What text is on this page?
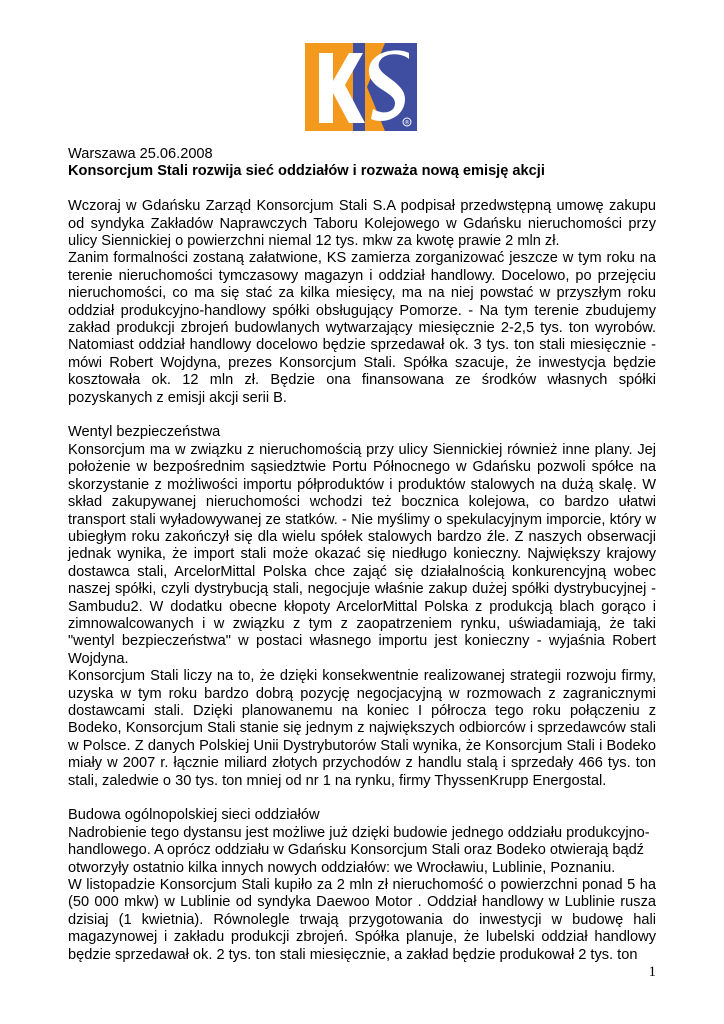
®

Warszawa 25.06.2008

Konsorcjum Stali rozwija sieć oddziałów i rozważa nową emisję akcji

Wczoraj w Gdańsku Zarząd Konsorcjum Stali S.A podpisał przedwstępną umowę zakupu od syndyka Zakładów Naprawczych Taboru Kolejowego w Gdańsku nieruchomości przy ulicy Siennickiej o powierzchni niemal 12 tys. mkw za kwotę prawie 2 mln zł.

Zanim formalności zostaną załatwione, KS zamierza zorganizować jeszcze w tym roku na terenie nieruchomości tymczasowy magazyn i oddział handlowy. Docelowo, po przejęciu nieruchomości, co ma się stać za kilka miesięcy, ma na niej powstać w przyszłym roku oddział produkcyjno-handlowy spółki obsługujący Pomorze. - Na tym terenie zbudujemy zakład produkcji zbrojeń budowlanych wytwarzający miesięcznie 2-2,5 tys. ton wyrobów. Natomiast oddział handlowy docelowo będzie sprzedawał ok. 3 tys. ton stali miesięcznie - mówi Robert Wojdyna, prezes Konsorcjum Stali. Spółka szacuje, że inwestycja będzie kosztowała ok. 12 mln zł. Będzie ona finansowana ze środków własnych spółki pozyskanych z emisji akcji serii B.

Wentyl bezpieczeństwa

Konsorcjum ma w związku z nieruchomością przy ulicy Siennickiej również inne plany. Jej położenie w bezpośrednim sąsiedztwie Portu Północnego w Gdańsku pozwoli spółce na skorzystanie z możliwości importu półproduktów i produktów stalowych na dużą skalę. W skład zakupywanej nieruchomości wchodzi też bocznica kolejowa, co bardzo ułatwi transport stali wyładowywanej ze statków. - Nie myślimy o spekulacyjnym imporcie, który w ubiegłym roku zakończył się dla wielu spółek stalowych bardzo źle. Z naszych obserwacji jednak wynika, że import stali może okazać się niedługo konieczny. Największy krajowy dostawca stali, ArcelorMittal Polska chce zająć się działalnością konkurencyjną wobec naszej spółki, czyli dystrybucją stali, negocjuje właśnie zakup dużej spółki dystrybucyjnej - Sambudu2. W dodatku obecne kłopoty ArcelorMittal Polska z produkcją blach gorąco i zimnowalcowanych i w związku z tym z zaopatrzeniem rynku, uświadamiają, że taki "wentyl bezpieczeństwa" w postaci własnego importu jest konieczny - wyjaśnia Robert Wojdyna.

Konsorcjum Stali liczy na to, że dzięki konsekwentnie realizowanej strategii rozwoju firmy, uzyska w tym roku bardzo dobrą pozycję negocjacyjną w rozmowach z zagranicznymi dostawcami stali. Dzięki planowanemu na koniec I półrocza tego roku połączeniu z Bodeko, Konsorcjum Stali stanie się jednym z największych odbiorców i sprzedawców stali w Polsce. Z danych Polskiej Unii Dystrybutorów Stali wynika, że Konsorcjum Stali i Bodeko miały w 2007 r. łącznie miliard złotych przychodów z handlu stalą i sprzedały 466 tys. ton stali, zaledwie o 30 tys. ton mniej od nr 1 na rynku, firmy ThyssenKrupp Energostal.

Budowa ogólnopolskiej sieci oddziałów

Nadrobienie tego dystansu jest możliwe już dzięki budowie jednego oddziału produkcyjno-

handlowego. A oprócz oddziału w Gdańsku Konsorcjum Stali oraz Bodeko otwierają bądź

otworzyły ostatnio kilka innych nowych oddziałów: we Wrocławiu, Lublinie, Poznaniu.

W listopadzie Konsorcjum Stali kupiło za 2 mln zł nieruchomość o powierzchni ponad 5 ha (50 000 mkw) w Lublinie od syndyka Daewoo Motor . Oddział handlowy w Lublinie rusza dzisiaj (1 kwietnia). Równolegle trwają przygotowania do inwestycji w budowę hali magazynowej i zakładu produkcji zbrojeń. Spółka planuje, że lubelski oddział handlowy będzie sprzedawał ok. 2 tys. ton stali miesięcznie, a zakład będzie produkował 2 tys. ton

1
